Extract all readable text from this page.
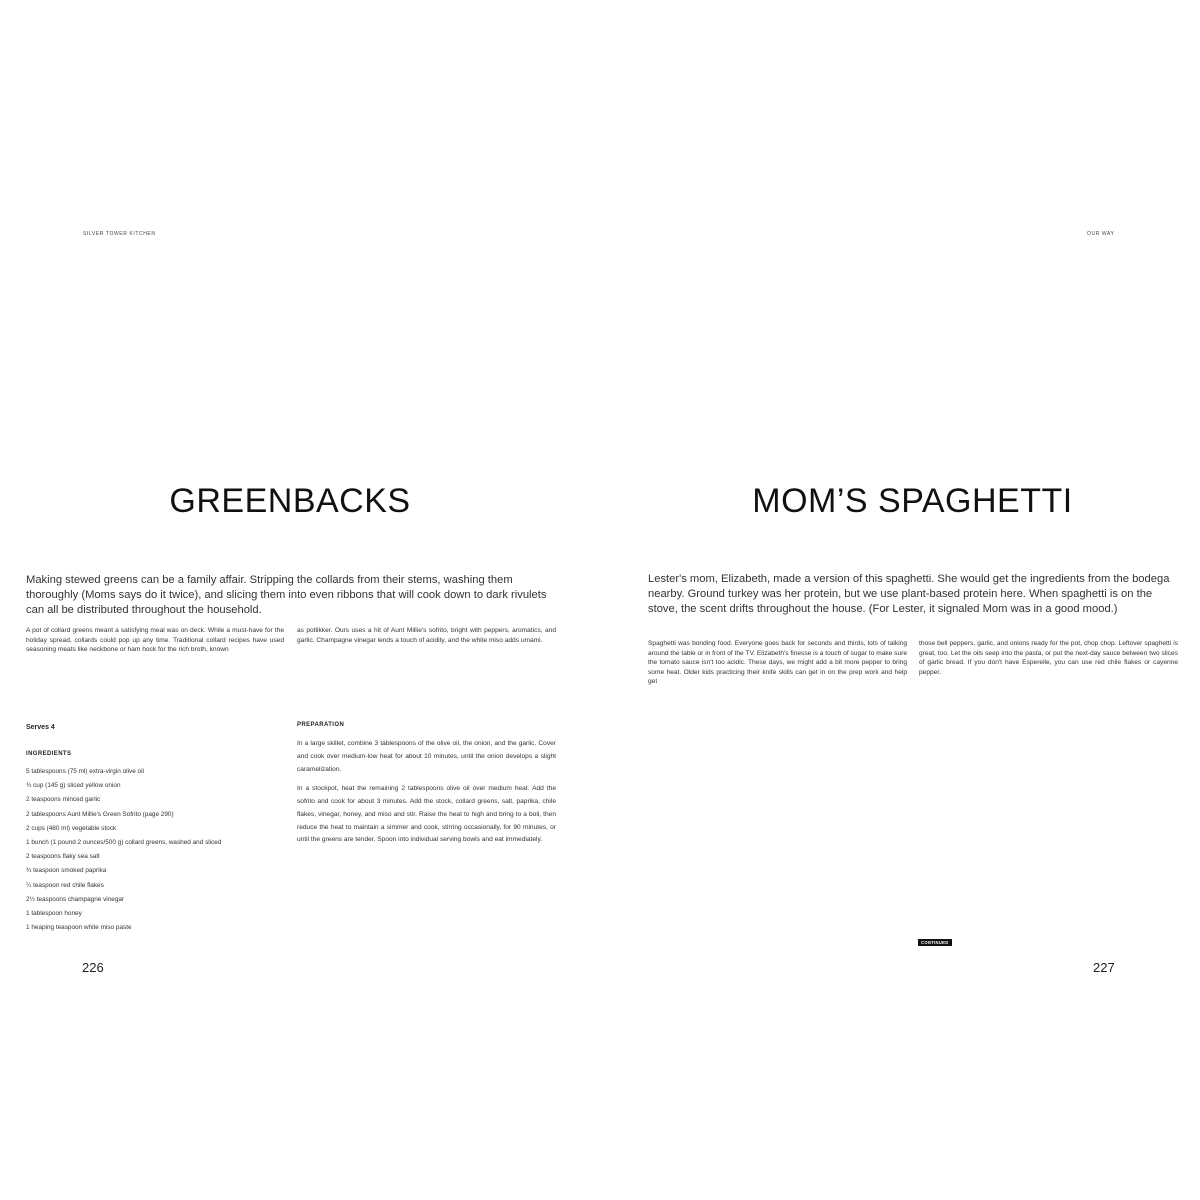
SILVER TOWER KITCHEN
GREENBACKS

Making stewed greens can be a family affair. Stripping the collards from their stems, washing them thoroughly (Moms says do it twice), and slicing them into even ribbons that will cook down to dark rivulets can all be distributed throughout the household.

A pot of collard greens meant a satisfying meal was on deck. While a must-have for the holiday spread, collards could pop up any time. Traditional collard recipes have used seasoning meats like neckbone or ham hock for the rich broth, known

as potlikker. Ours uses a hit of Aunt Millie's sofrito, bright with peppers, aromatics, and garlic. Champagne vinegar lends a touch of acidity, and the white miso adds umami.

Serves 4
INGREDIENTS
5 tablespoons (75 ml) extra-virgin olive oil
¾ cup (145 g) sliced yellow onion
2 teaspoons minced garlic
2 tablespoons Aunt Millie's Green Sofrito (page 290)
2 cups (480 ml) vegetable stock
1 bunch (1 pound 2 ounces/500 g) collard greens, washed and sliced
2 teaspoons flaky sea salt
¾ teaspoon smoked paprika
¼ teaspoon red chile flakes
2½ teaspoons champagne vinegar
1 tablespoon honey
1 heaping teaspoon white miso paste
PREPARATION

In a large skillet, combine 3 tablespoons of the olive oil, the onion, and the garlic. Cover and cook over medium-low heat for about 10 minutes, until the onion develops a slight caramelization.

In a stockpot, heat the remaining 2 tablespoons olive oil over medium heat. Add the sofrito and cook for about 3 minutes. Add the stock, collard greens, salt, paprika, chile flakes, vinegar, honey, and miso and stir. Raise the heat to high and bring to a boil, then reduce the heat to maintain a simmer and cook, stirring occasionally, for 90 minutes, or until the greens are tender. Spoon into individual serving bowls and eat immediately.

226
OUR WAY
MOM’S SPAGHETTI

Lester's mom, Elizabeth, made a version of this spaghetti. She would get the ingredients from the bodega nearby. Ground turkey was her protein, but we use plant-based protein here. When spaghetti is on the stove, the scent drifts throughout the house. (For Lester, it signaled Mom was in a good mood.)

Spaghetti was bonding food. Everyone goes back for seconds and thirds, lots of talking around the table or in front of the TV. Elizabeth's finesse is a touch of sugar to make sure the tomato sauce isn't too acidic. These days, we might add a bit more pepper to bring some heat. Older kids practicing their knife skills can get in on the prep work and help get

those bell peppers, garlic, and onions ready for the pot, chop chop. Leftover spaghetti is great, too. Let the oils seep into the pasta, or put the next-day sauce between two slices of garlic bread. If you don't have Esperelle, you can use red chile flakes or cayenne pepper.

CONTINUED
227
